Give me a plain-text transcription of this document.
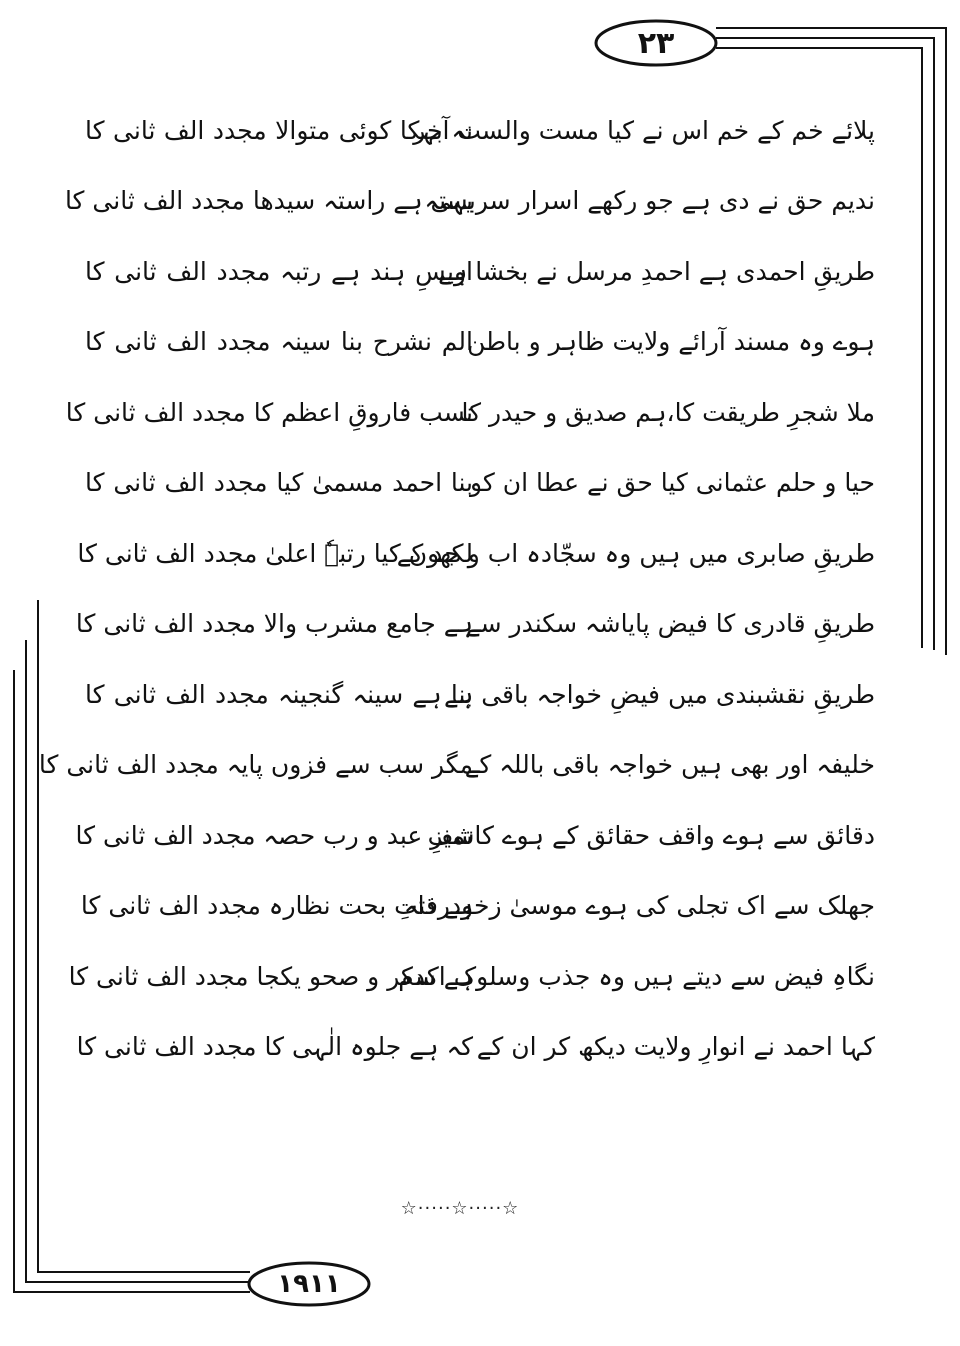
۲۳
پلائے خم کے خم اس نے کیا مست والست آخر
نہ بہکا کوئی متوالا مجدد الف ثانی کا
ندیم حق نے دی ہے جو رکھے اسرار سربستہ
یہی ہے راستہ سیدھا مجدد الف ثانی کا
طریقِ احمدی ہے احمدِ مرسل نے بخشا ہے
اویسِ ہند ہے رتبہ مجدد الف ثانی کا
ہوے وہ مسند آرائے ولایت ظاہر و باطن
الم نشرح بنا سینہ مجدد الف ثانی کا
ملا شجرِ طریقت کا،ہم صدیق و حیدر کا
نسب فاروقِ اعظم کا مجدد الف ثانی کا
حیا و حلم عثمانی کیا حق نے عطا ان کو
بنا احمد مسمیٰ کیا مجدد الف ثانی کا
طریقِ صابری میں ہیں وہ سجّادہ اب و جد کے
لکھوں کیا رتبہٗ اعلیٰ مجدد الف ثانی کا
طریقِ قادری کا فیض پایاشہ سکندر سے
ہے جامع مشرب والا مجدد الف ثانی کا
طریقِ نقشبندی میں فیضِ خواجہ باقی ہے
بنا ہے سینہ گنجینہ مجدد الف ثانی کا
خلیفہ اور بھی ہیں خواجہ باقی باللہ کے
مگر سب سے فزوں پایہ مجدد الف ثانی کا
دقائق سے ہوے واقف حقائق کے ہوے کاشف
تمیزِ عبد و رب حصہ مجدد الف ثانی کا
جھلک سے اک تجلی کی ہوے موسیٰ زخودرفتہ
ہے ذاتِ بحت نظارہ مجدد الف ثانی کا
نگاہِ فیض سے دیتے ہیں وہ جذب وسلوک اکدم
ہے سکر و صحو یکجا مجدد الف ثانی کا
کہا احمد نے انوارِ ولایت دیکھ کر ان کے
کہ ہے جلوہ الٰہی کا مجدد الف ثانی کا
☆·····☆·····☆
۱۹۱۱
